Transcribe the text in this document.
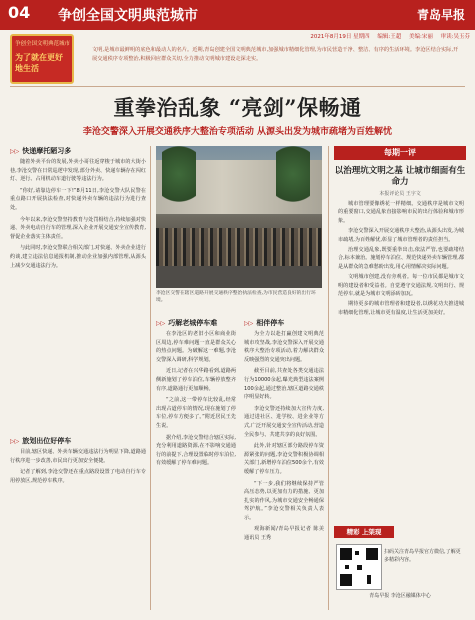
04 争创全国文明典范城市	青岛早报
2021年8月19日 星期四 编辑:王超 美编:宋丽 审读:吴玉芬
争创全国文明典范城市
为了就在更好地生活
文明,是城市最鲜明的底色和最动人的名片。近期,青岛创建全国文明典范城市,加强城市精细化管理,为市民营造干净、整洁、有序的生活环境。李沧区结合实际,开展交通秩序专项整治,积极回应群众关切,全力推动文明城市建设走深走实。
重拳治乱象 “亮剑”保畅通
李沧交警深入开展交通秩序大整治专项活动 从源头出发为城市疏堵为百姓解忧
▷▷ 快递摩托陋习多

随着外卖平台的发展,外卖小哥往返穿梭于城市的大街小巷,李沧交警在日常巡逻中发现,部分外卖、快递车辆存在闯红灯、逆行、占用机动车道行驶等违法行为。

“你好,请靠边停车一下!”8月11日,李沧交警大队民警在重点路口开展执法检查,对快递外卖车辆的违法行为进行查处。

今年以来,李沧交警坚持教育与处罚相结合,持续加强对快递、外卖电动自行车的管理,深入企业开展交通安全宣传教育,督促企业落实主体责任。

与此同时,李沧交警联合相关部门,对快递、外卖企业进行约谈,建立违法信息通报机制,推动企业加强内部管理,从源头上减少交通违法行为。

▷▷ 旅划出位好停车

目前,辖区快递、外卖车辆交通违法行为明显下降,道路通行秩序进一步改善,市民出行更加安全便捷。

记者了解到,李沧交警还在重点路段设置了电动自行车专用停放区,规范停车秩序。

李沧区交警在辖区道路开展交通秩序整治执法检查,为市民营造良好的出行环境。
▷▷ 巧解老城停车难

在李沧区的老旧小区和商业街区周边,停车难问题一直是群众关心的热点问题。为破解这一难题,李沧交警深入调研,科学规划。

近日,记者在兴华路看到,道路两侧新施划了停车泊位,车辆停放整齐有序,道路通行更加顺畅。

“之前,这一带停车比较乱,经常出现占道停车的情况,现在施划了停车位,停车方便多了。”附近居民王先生说。

据介绍,李沧交警结合辖区实际,充分利用道路资源,在不影响交通通行的前提下,合理设置临时停车泊位,有效缓解了停车难问题。

▷▷ 相伴停车

为全力以赴打赢创建文明典范城市攻坚战,李沧交警深入开展交通秩序大整治专项活动,着力解决群众反映强烈的交通突出问题。

截至目前,共查处各类交通违法行为10000余起,曝光典型违法案例100余起,通过整治,辖区道路交通秩序明显好转。

李沧交警还持续加大宣传力度,通过进社区、进学校、进企业等方式,广泛开展交通安全宣传活动,营造全民参与、共建共享的良好氛围。

此外,针对辖区部分路段停车资源紧张的问题,李沧交警积极协调相关部门,新增停车泊位500余个,有效缓解了停车压力。

“下一步,我们将继续保持严管高压态势,以更加有力的措施、更加扎实的作风,为城市交通安全畅通保驾护航。”李沧交警相关负责人表示。

观海新闻/青岛早报记者 陈美 通讯员 王秀

每期一评
以治理坑文明之基 让城市细面有生命力
本报评论员 王宇文

城市管理要像绣花一样精细。交通秩序是城市文明的重要窗口,交通乱象直接影响市民的出行体验和城市形象。

李沧交警深入开展交通秩序大整治,从源头出发,为城市疏堵,为百姓解忧,彰显了城市管理者的责任担当。

治理交通乱象,既要重拳出击,依法严管,也要疏堵结合,标本兼治。施划停车泊位、规范快递外卖车辆管理,都是从群众的急难愁盼出发,用心用情解决实际问题。

文明城市创建,没有旁观者。每一位市民都是城市文明的建设者和受益者。自觉遵守交通法规,文明出行、规范停车,就是为城市文明添砖加瓦。

期待更多的城市管理者和建设者,以绣花功夫推进城市精细化管理,让城市更有温度,让生活更加美好。

精彩 上架现
扫码关注青岛早报官方微信,了解更多精彩内容。
青岛早报 李沧区融媒体中心
